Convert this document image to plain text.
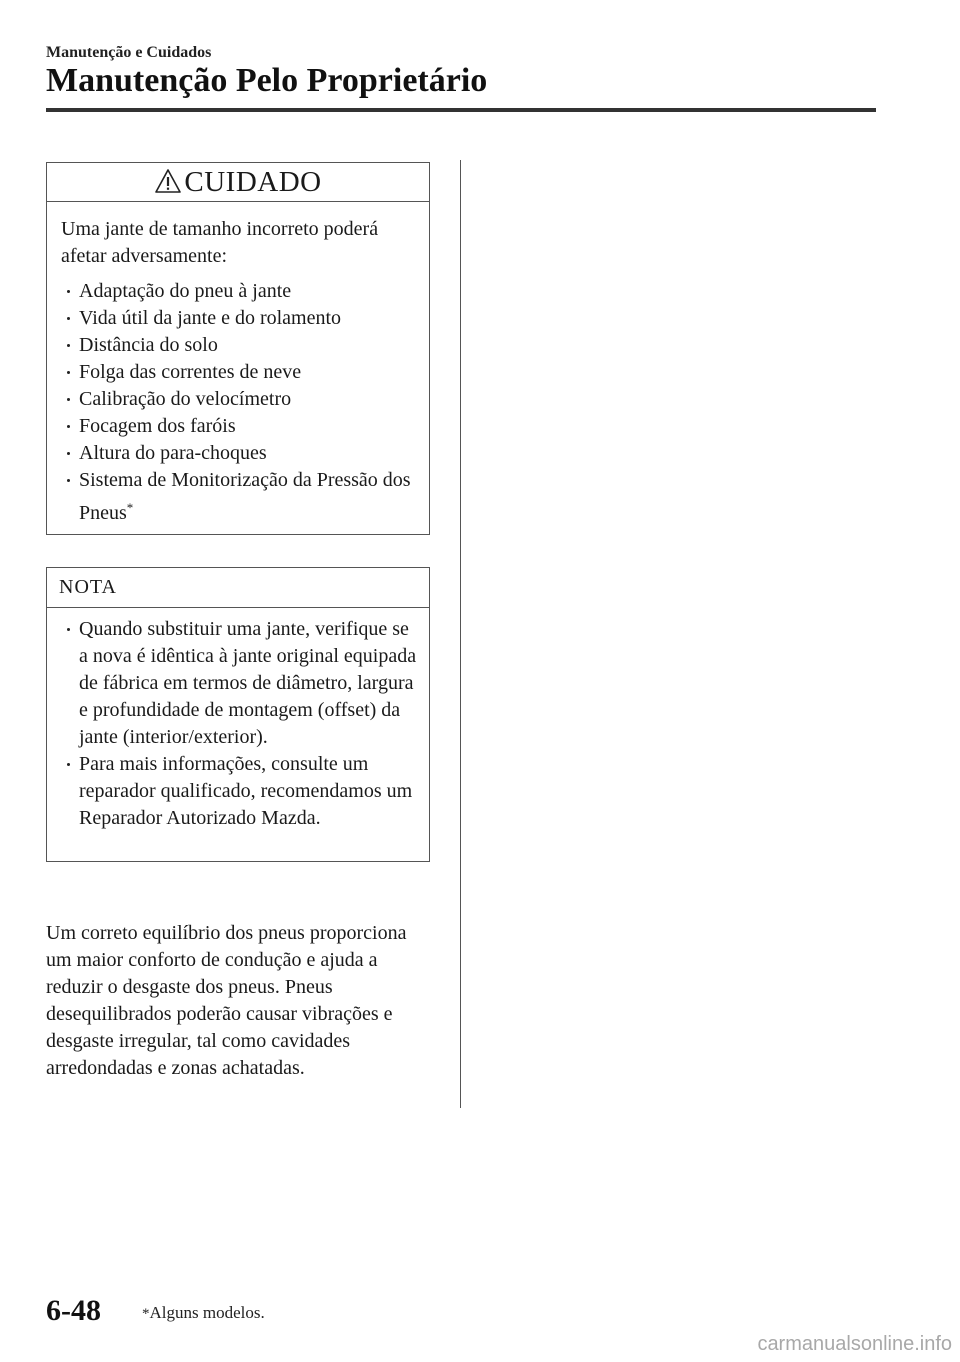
Manutenção e Cuidados
Manutenção Pelo Proprietário
CUIDADO

Uma jante de tamanho incorreto poderá afetar adversamente:

Adaptação do pneu à jante
Vida útil da jante e do rolamento
Distância do solo
Folga das correntes de neve
Calibração do velocímetro
Focagem dos faróis
Altura do para-choques
Sistema de Monitorização da Pressão dos Pneus*
NOTA
Quando substituir uma jante, verifique se a nova é idêntica à jante original equipada de fábrica em termos de diâmetro, largura e profundidade de montagem (offset) da jante (interior/exterior).
Para mais informações, consulte um reparador qualificado, recomendamos um Reparador Autorizado Mazda.

Um correto equilíbrio dos pneus proporciona um maior conforto de condução e ajuda a reduzir o desgaste dos pneus. Pneus desequilibrados poderão causar vibrações e desgaste irregular, tal como cavidades arredondadas e zonas achatadas.

6-48	*Alguns modelos.
carmanualsonline.info
